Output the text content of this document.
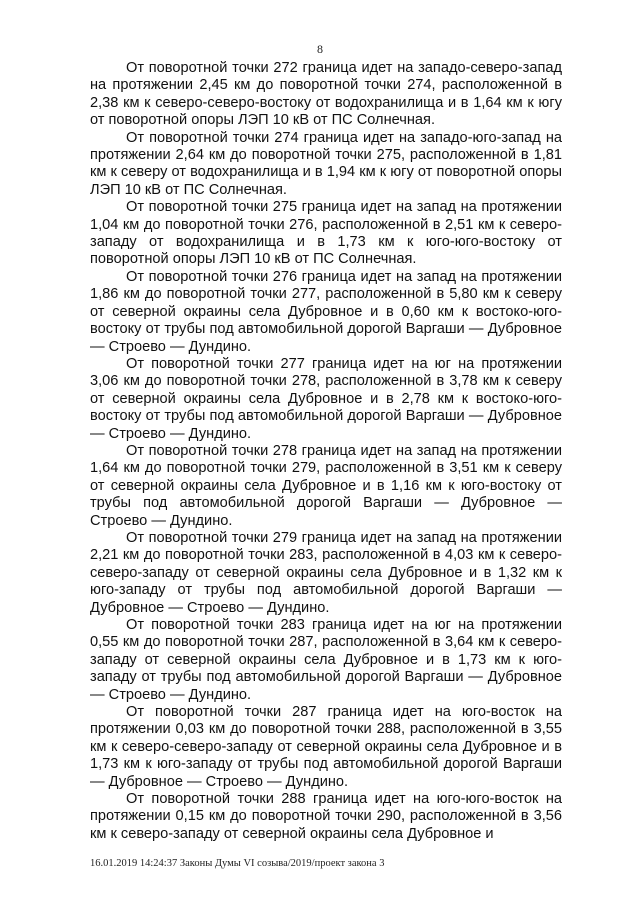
8

От поворотной точки 272 граница идет на западо-северо-запад на протяжении 2,45 км до поворотной точки 274, расположенной в 2,38 км к северо-северо-востоку от водохранилища и в 1,64 км к югу от поворотной опоры ЛЭП 10 кВ от ПС Солнечная.

От поворотной точки 274 граница идет на западо-юго-запад на протяжении 2,64 км до поворотной точки 275, расположенной в 1,81 км к северу от водохранилища и в 1,94 км к югу от поворотной опоры ЛЭП 10 кВ от ПС Солнечная.

От поворотной точки 275 граница идет на запад на протяжении 1,04 км до поворотной точки 276, расположенной в 2,51 км к северо-западу от водохранилища и в 1,73 км к юго-юго-востоку от поворотной опоры ЛЭП 10 кВ от ПС Солнечная.

От поворотной точки 276 граница идет на запад на протяжении 1,86 км до поворотной точки 277, расположенной в 5,80 км к северу от северной окраины села Дубровное и в 0,60 км к востоко-юго-востоку от трубы под автомобильной дорогой Варгаши — Дубровное — Строево — Дундино.

От поворотной точки 277 граница идет на юг на протяжении 3,06 км до поворотной точки 278, расположенной в 3,78 км к северу от северной окраины села Дубровное и в 2,78 км к востоко-юго-востоку от трубы под автомобильной дорогой Варгаши — Дубровное — Строево — Дундино.

От поворотной точки 278 граница идет на запад на протяжении 1,64 км до поворотной точки 279, расположенной в 3,51 км к северу от северной окраины села Дубровное и в 1,16 км к юго-востоку от трубы под автомобильной дорогой Варгаши — Дубровное — Строево — Дундино.

От поворотной точки 279 граница идет на запад на протяжении 2,21 км до поворотной точки 283, расположенной в 4,03 км к северо-северо-западу от северной окраины села Дубровное и в 1,32 км к юго-западу от трубы под автомобильной дорогой Варгаши — Дубровное — Строево — Дундино.

От поворотной точки 283 граница идет на юг на протяжении 0,55 км до поворотной точки 287, расположенной в 3,64 км к северо-западу от северной окраины села Дубровное и в 1,73 км к юго-западу от трубы под автомобильной дорогой Варгаши — Дубровное — Строево — Дундино.

От поворотной точки 287 граница идет на юго-восток на протяжении 0,03 км до поворотной точки 288, расположенной в 3,55 км к северо-северо-западу от северной окраины села Дубровное и в 1,73 км к юго-западу от трубы под автомобильной дорогой Варгаши — Дубровное — Строево — Дундино.

От поворотной точки 288 граница идет на юго-юго-восток на протяжении 0,15 км до поворотной точки 290, расположенной в 3,56 км к северо-западу от северной окраины села Дубровное и

16.01.2019 14:24:37 Законы Думы VI созыва/2019/проект закона 3
